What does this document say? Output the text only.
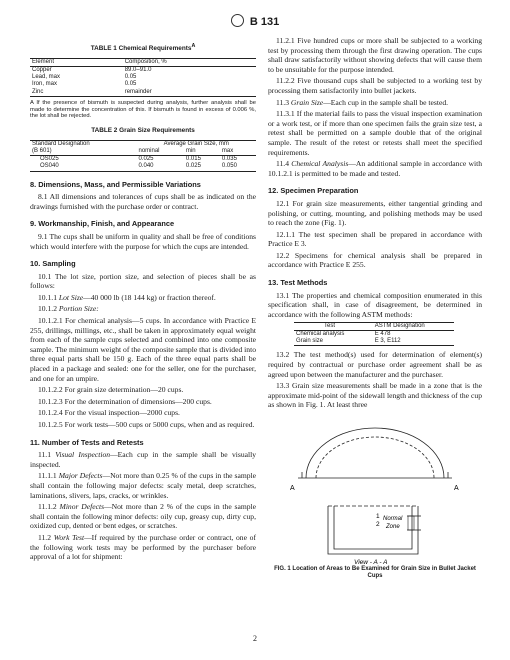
B 131
TABLE 1 Chemical Requirements$^A$
Element	Composition, %
Copper	89.0–91.0
Lead, max	0.05
Iron, max	0.05
Zinc	remainder
A If the presence of bismuth is suspected during analysis, further analysis shall be made to determine the concentration of this. If bismuth is found in excess of 0.006 %, the lot shall be rejected.
TABLE 2 Grain Size Requirements
Standard Designation	Average Grain Size, mm		
(B 601)	nominal	min	max
OS025	0.025	0.015	0.035
OS040	0.040	0.025	0.050
8. Dimensions, Mass, and Permissible Variations

8.1 All dimensions and tolerances of cups shall be as indicated on the drawings furnished with the purchase order or contract.

9. Workmanship, Finish, and Appearance

9.1 The cups shall be uniform in quality and shall be free of conditions which would interfere with the purpose for which the cups are intended.

10. Sampling

10.1 The lot size, portion size, and selection of pieces shall be as follows:

10.1.1 Lot Size—40 000 lb (18 144 kg) or fraction thereof.

10.1.2 Portion Size:

10.1.2.1 For chemical analysis—5 cups. In accordance with Practice E 255, drillings, millings, etc., shall be taken in approximately equal weight from each of the sample cups selected and combined into one composite sample. The minimum weight of the composite sample that is divided into three equal parts shall be 150 g. Each of the three equal parts shall be placed in a package and sealed: one for the seller, one for the purchaser, and one for an umpire.

10.1.2.2 For grain size determination—20 cups.

10.1.2.3 For the determination of dimensions—200 cups.

10.1.2.4 For the visual inspection—2000 cups.

10.1.2.5 For work tests—500 cups or 5000 cups, when and as required.

11. Number of Tests and Retests

11.1 Visual Inspection—Each cup in the sample shall be visually inspected.

11.1.1 Major Defects—Not more than 0.25 % of the cups in the sample shall contain the following major defects: scaly metal, deep scratches, laminations, slivers, laps, cracks, or wrinkles.

11.1.2 Minor Defects—Not more than 2 % of the cups in the sample shall contain the following minor defects: oily cup, greasy cup, dirty cup, oxidized cup, dented or bent edges, or scratches.

11.2 Work Test—If required by the purchase order or contract, one of the following work tests may be performed by the purchaser before approval of a lot for shipment:

11.2.1 Five hundred cups or more shall be subjected to a working test by processing them through the first drawing operation. The cups shall draw satisfactorily without showing defects that will cause them to be unsuitable for the purpose intended.

11.2.2 Five thousand cups shall be subjected to a working test by processing them satisfactorily into bullet jackets.

11.3 Grain Size—Each cup in the sample shall be tested.

11.3.1 If the material fails to pass the visual inspection examination or a work test, or if more than one specimen fails the grain size test, a retest shall be permitted on a sample double that of the original sample. The result of the retest or retests shall meet the specified requirements.

11.4 Chemical Analysis—An additional sample in accordance with 10.1.2.1 is permitted to be made and tested.

12. Specimen Preparation

12.1 For grain size measurements, either tangential grinding and polishing, or cutting, mounting, and polishing methods may be used to reach the zone (Fig. 1).

12.1.1 The test specimen shall be prepared in accordance with Practice E 3.

12.2 Specimens for chemical analysis shall be prepared in accordance with Practice E 255.

13. Test Methods

13.1 The properties and chemical composition enumerated in this specification shall, in case of disagreement, be determined in accordance with the following ASTM methods:

Test	ASTM Designation
Chemical analysis	E 478
Grain size	E 3, E112

13.2 The test method(s) used for determination of element(s) required by contractual or purchase order agreement shall be as agreed upon between the manufacturer and the purchaser.

13.3 Grain size measurements shall be made in a zone that is the approximate mid-point of the sidewall length and thickness of the cup as shown in Fig. 1. At least three

A	A
1
2
Normal
Zone
View - A - A
FIG. 1 Location of Areas to Be Examined for Grain Size in Bullet Jacket Cups
2
